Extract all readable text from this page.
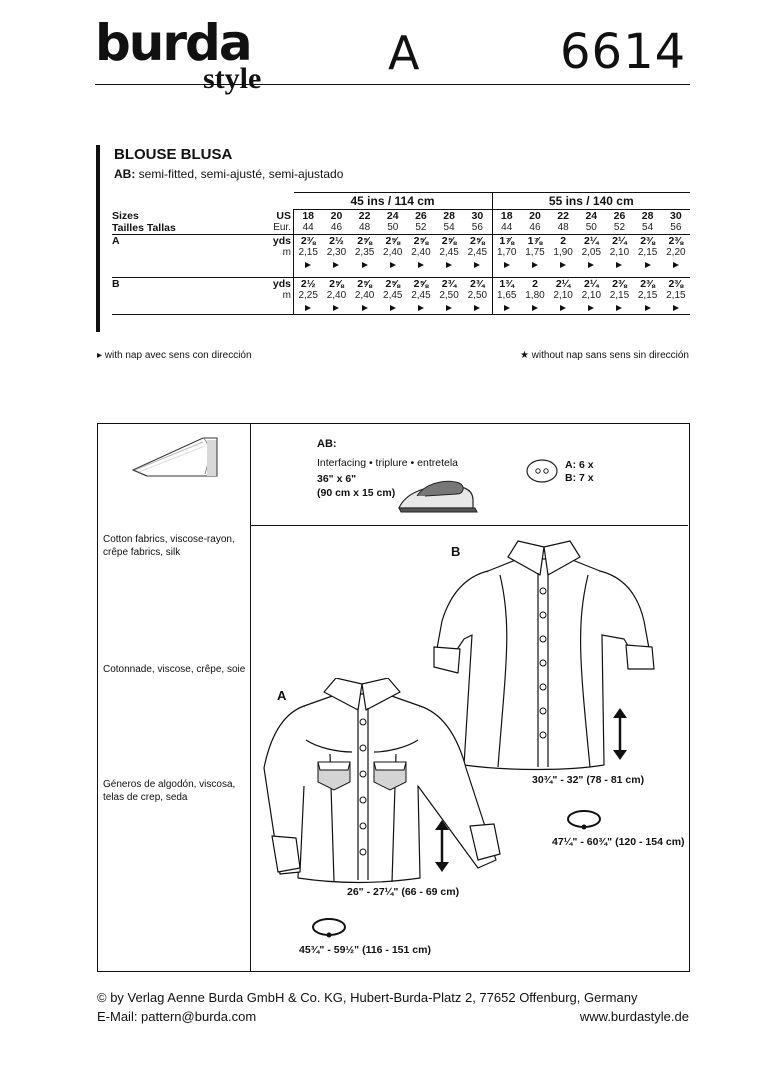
burda
style	A	6614
BLOUSE BLUSA
AB: semi-fitted, semi-ajusté, semi-ajustado
		45 ins / 114 cm							55 ins / 140 cm						
Sizes	US	18	20	22	24	26	28	30	18	20	22	24	26	28	30
Tailles Tallas	Eur.	44	46	48	50	52	54	56	44	46	48	50	52	54	56
A	yds	2⅜	2½	2⅝	2⅝	2⅝	2⅝	2⅝	1⅞	1⅞	2	2¼	2¼	2⅜	2⅜
	m	2,15	2,30	2,35	2,40	2,40	2,45	2,45	1,70	1,75	1,90	2,05	2,10	2,15	2,20

B	yds	2½	2⅝	2⅝	2⅝	2⅝	2¾	2¾	1¾	2	2¼	2¼	2⅜	2⅜	2⅜
	m	2,25	2,40	2,40	2,45	2,45	2,50	2,50	1,65	1,80	2,10	2,10	2,15	2,15	2,15

▸ with nap avec sens con dirección	★ without nap sans sens sin dirección
Cotton fabrics, viscose-rayon, crêpe fabrics, silk
Cotonnade, viscose, crêpe, soie
Géneros de algodón, viscosa, telas de crep, seda
AB:
Interfacing • triplure • entretela
36" x 6"
(90 cm x 15 cm)
A: 6 x
B: 7 x
B
A
30¾" - 32" (78 - 81 cm)
47¼" - 60¾" (120 - 154 cm)
26" - 27¼" (66 - 69 cm)
45¾" - 59½" (116 - 151 cm)
© by Verlag Aenne Burda GmbH & Co. KG, Hubert-Burda-Platz 2, 77652 Offenburg, Germany
E-Mail: pattern@burda.com	www.burdastyle.de
